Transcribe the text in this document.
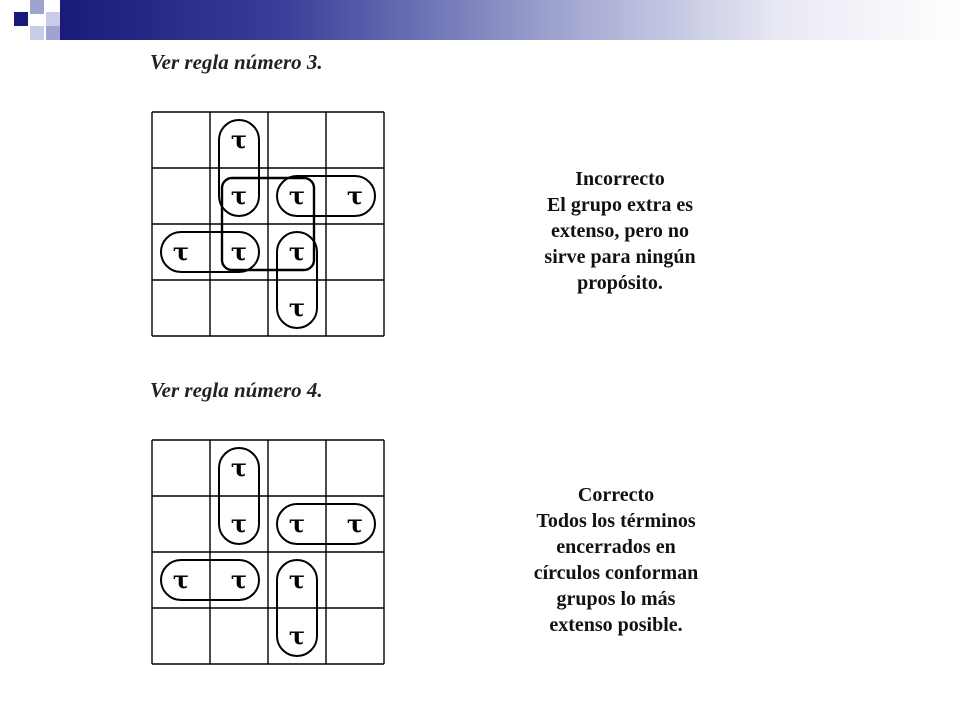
Ver regla número 3.
τ
τ τ τ
τ τ τ
τ
Incorrecto
El grupo extra es
extenso, pero no
sirve para ningún
propósito.
Ver regla número 4.
τ
τ τ τ
τ τ τ
τ
Correcto
Todos los términos
encerrados en
círculos conforman
grupos lo más
extenso posible.
